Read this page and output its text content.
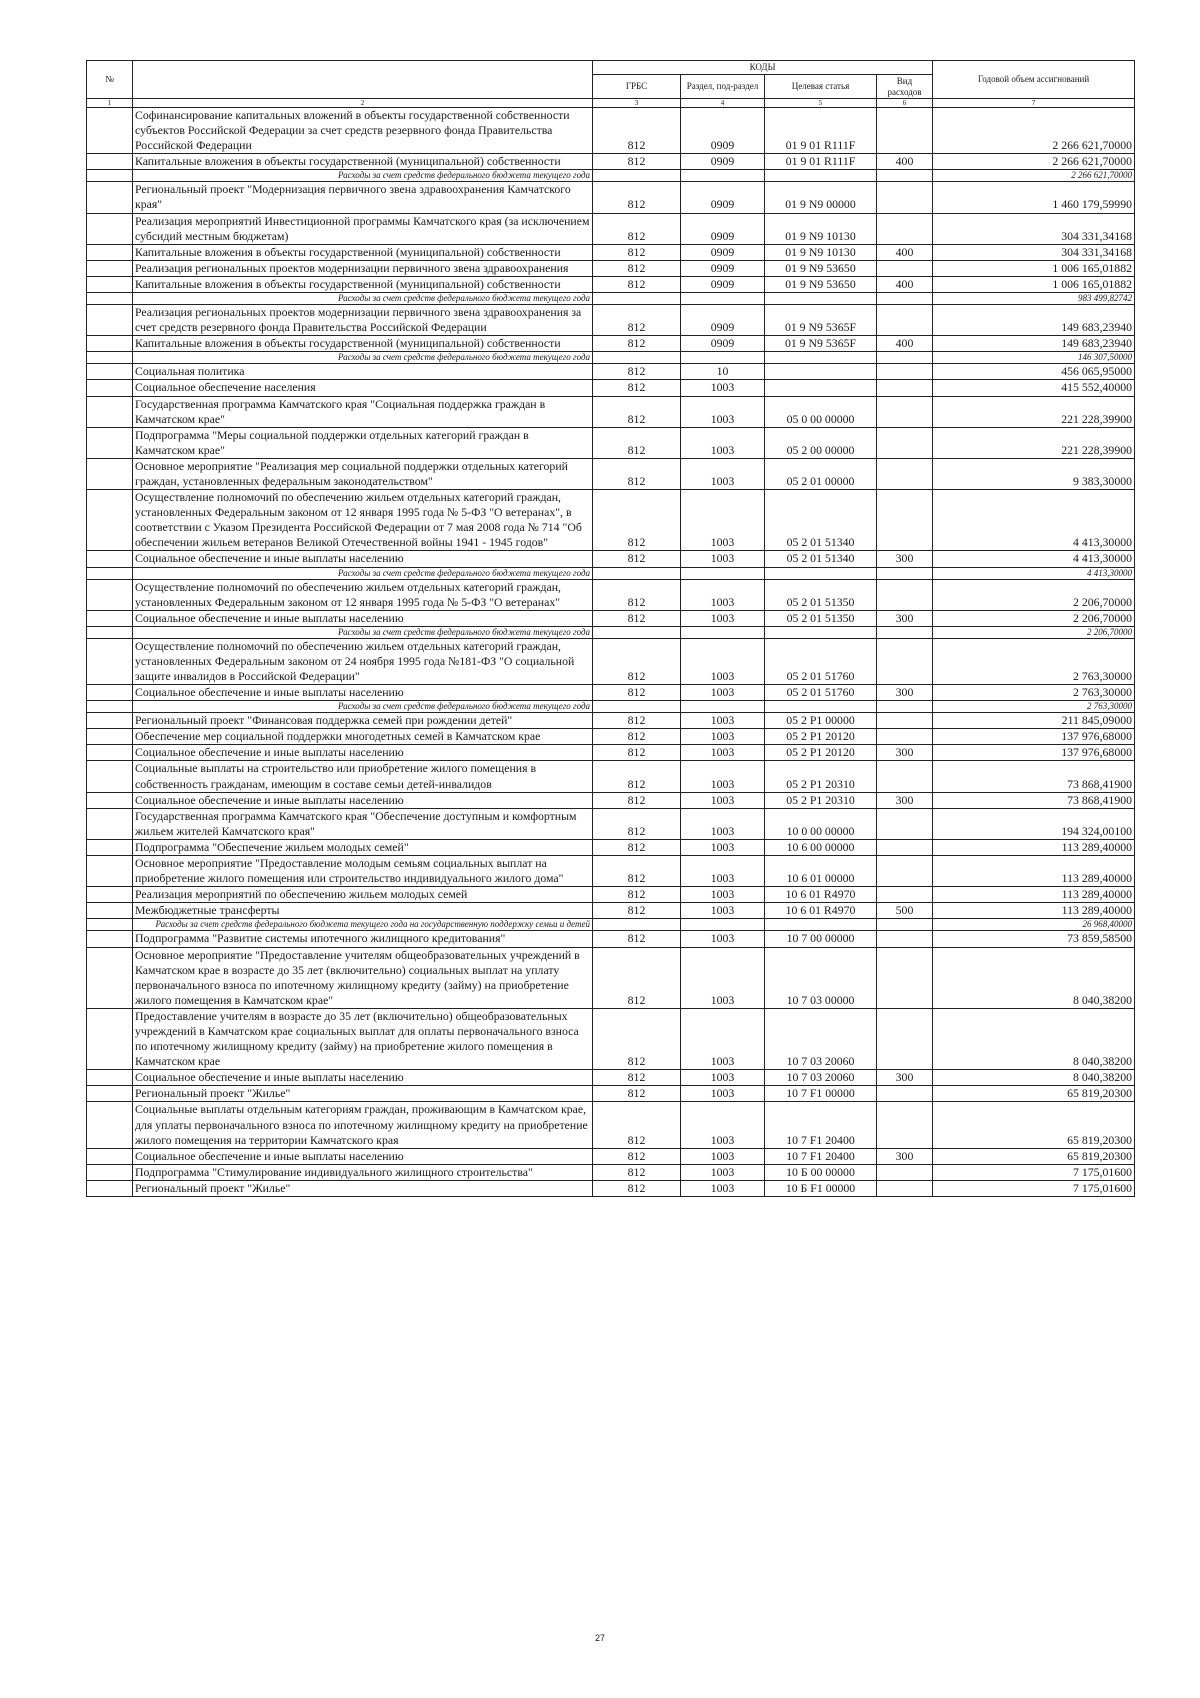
№		КОДЫ				Годовой объем ассигнований
		ГРБС	Раздел, под-раздел	Целевая статья	Вид расходов	
1	2	3	4	5	6	7
	Софинансирование капитальных вложений в объекты государственной собственности субъектов Российской Федерации за счет средств резервного фонда Правительства Российской Федерации	812	0909	01 9 01 R111F		2 266 621,70000
	Капитальные вложения в объекты государственной (муниципальной) собственности	812	0909	01 9 01 R111F	400	2 266 621,70000
	Расходы за счет средств федерального бюджета текущего года					2 266 621,70000
	Региональный проект "Модернизация первичного звена здравоохранения Камчатского края"	812	0909	01 9 N9 00000		1 460 179,59990
	Реализация мероприятий Инвестиционной программы Камчатского края (за исключением субсидий местным бюджетам)	812	0909	01 9 N9 10130		304 331,34168
	Капитальные вложения в объекты государственной (муниципальной) собственности	812	0909	01 9 N9 10130	400	304 331,34168
	Реализация региональных проектов модернизации первичного звена здравоохранения	812	0909	01 9 N9 53650		1 006 165,01882
	Капитальные вложения в объекты государственной (муниципальной) собственности	812	0909	01 9 N9 53650	400	1 006 165,01882
	Расходы за счет средств федерального бюджета текущего года					983 499,82742
	Реализация региональных проектов модернизации первичного звена здравоохранения за счет средств резервного фонда Правительства Российской Федерации	812	0909	01 9 N9 5365F		149 683,23940
	Капитальные вложения в объекты государственной (муниципальной) собственности	812	0909	01 9 N9 5365F	400	149 683,23940
	Расходы за счет средств федерального бюджета текущего года					146 307,50000
	Социальная политика	812	10			456 065,95000
	Социальное обеспечение населения	812	1003			415 552,40000
	Государственная программа Камчатского края "Социальная поддержка граждан в Камчатском крае"	812	1003	05 0 00 00000		221 228,39900
	Подпрограмма "Меры социальной поддержки отдельных категорий граждан в Камчатском крае"	812	1003	05 2 00 00000		221 228,39900
	Основное мероприятие "Реализация мер социальной поддержки отдельных категорий граждан, установленных федеральным законодательством"	812	1003	05 2 01 00000		9 383,30000
	Осуществление полномочий по обеспечению жильем отдельных категорий граждан, установленных Федеральным законом от 12 января 1995 года № 5-ФЗ "О ветеранах", в соответствии с Указом Президента Российской Федерации от 7 мая 2008 года № 714 "Об обеспечении жильем ветеранов Великой Отечественной войны 1941 - 1945 годов"	812	1003	05 2 01 51340		4 413,30000
	Социальное обеспечение и иные выплаты населению	812	1003	05 2 01 51340	300	4 413,30000
	Расходы за счет средств федерального бюджета текущего года					4 413,30000
	Осуществление полномочий по обеспечению жильем отдельных категорий граждан, установленных Федеральным законом от 12 января 1995 года № 5-ФЗ "О ветеранах"	812	1003	05 2 01 51350		2 206,70000
	Социальное обеспечение и иные выплаты населению	812	1003	05 2 01 51350	300	2 206,70000
	Расходы за счет средств федерального бюджета текущего года					2 206,70000
	Осуществление полномочий по обеспечению жильем отдельных категорий граждан, установленных Федеральным законом от 24 ноября 1995 года №181-ФЗ "О социальной защите инвалидов в Российской Федерации"	812	1003	05 2 01 51760		2 763,30000
	Социальное обеспечение и иные выплаты населению	812	1003	05 2 01 51760	300	2 763,30000
	Расходы за счет средств федерального бюджета текущего года					2 763,30000
	Региональный проект "Финансовая поддержка семей при рождении детей"	812	1003	05 2 P1 00000		211 845,09000
	Обеспечение мер социальной поддержки многодетных семей в Камчатском крае	812	1003	05 2 P1 20120		137 976,68000
	Социальное обеспечение и иные выплаты населению	812	1003	05 2 P1 20120	300	137 976,68000
	Социальные выплаты на строительство или приобретение жилого помещения в собственность гражданам, имеющим в составе семьи детей-инвалидов	812	1003	05 2 P1 20310		73 868,41900
	Социальное обеспечение и иные выплаты населению	812	1003	05 2 P1 20310	300	73 868,41900
	Государственная программа Камчатского края "Обеспечение доступным и комфортным жильем жителей Камчатского края"	812	1003	10 0 00 00000		194 324,00100
	Подпрограмма "Обеспечение жильем молодых семей"	812	1003	10 6 00 00000		113 289,40000
	Основное мероприятие "Предоставление молодым семьям социальных выплат на приобретение жилого помещения или строительство индивидуального жилого дома"	812	1003	10 6 01 00000		113 289,40000
	Реализация мероприятий по обеспечению жильем молодых семей	812	1003	10 6 01 R4970		113 289,40000
	Межбюджетные трансферты	812	1003	10 6 01 R4970	500	113 289,40000
	Расходы за счет средств федерального бюджета текущего года на государственную поддержку семьи и детей					26 968,40000
	Подпрограмма "Развитие системы ипотечного жилищного кредитования"	812	1003	10 7 00 00000		73 859,58500
	Основное мероприятие "Предоставление учителям общеобразовательных учреждений в Камчатском крае в возрасте до 35 лет (включительно) социальных выплат на уплату первоначального взноса по ипотечному жилищному кредиту (займу) на приобретение жилого помещения в Камчатском крае"	812	1003	10 7 03 00000		8 040,38200
	Предоставление учителям в возрасте до 35 лет (включительно) общеобразовательных учреждений в Камчатском крае социальных выплат для оплаты первоначального взноса по ипотечному жилищному кредиту (займу) на приобретение жилого помещения в Камчатском крае	812	1003	10 7 03 20060		8 040,38200
	Социальное обеспечение и иные выплаты населению	812	1003	10 7 03 20060	300	8 040,38200
	Региональный проект "Жилье"	812	1003	10 7 F1 00000		65 819,20300
	Социальные выплаты отдельным категориям граждан, проживающим в Камчатском крае, для уплаты первоначального взноса по ипотечному жилищному кредиту на приобретение жилого помещения на территории Камчатского края	812	1003	10 7 F1 20400		65 819,20300
	Социальное обеспечение и иные выплаты населению	812	1003	10 7 F1 20400	300	65 819,20300
	Подпрограмма "Стимулирование индивидуального жилищного строительства"	812	1003	10 Б 00 00000		7 175,01600
	Региональный проект "Жилье"	812	1003	10 Б F1 00000		7 175,01600
27
